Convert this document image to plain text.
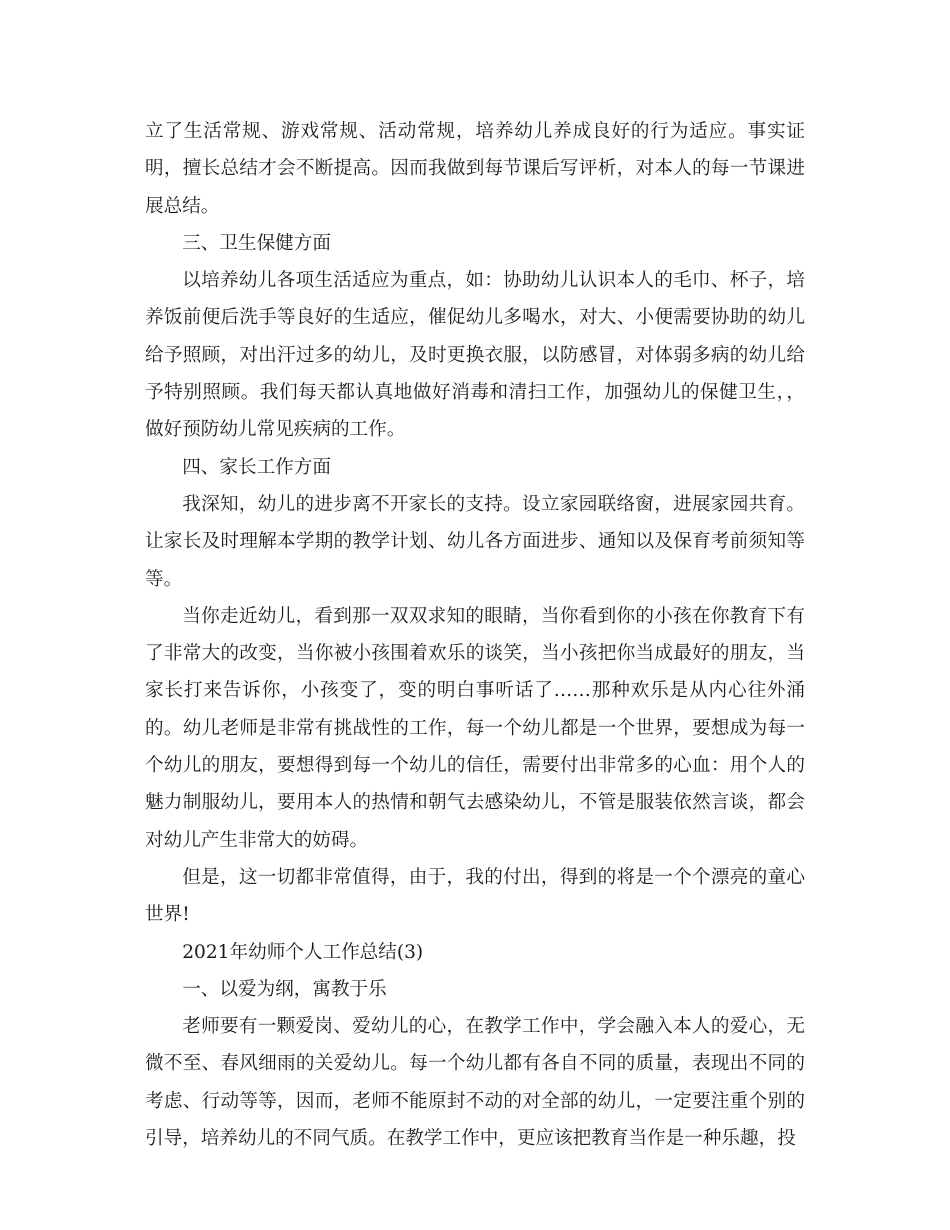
立了生活常规、游戏常规、活动常规，培养幼儿养成良好的行为适应。事实证明，擅长总结才会不断提高。因而我做到每节课后写评析，对本人的每一节课进展总结。

三、卫生保健方面

以培养幼儿各项生活适应为重点，如：协助幼儿认识本人的毛巾、杯子，培养饭前便后洗手等良好的生适应，催促幼儿多喝水，对大、小便需要协助的幼儿给予照顾，对出汗过多的幼儿，及时更换衣服，以防感冒，对体弱多病的幼儿给予特别照顾。我们每天都认真地做好消毒和清扫工作，加强幼儿的保健卫生，，做好预防幼儿常见疾病的工作。

四、家长工作方面

我深知，幼儿的进步离不开家长的支持。设立家园联络窗，进展家园共育。让家长及时理解本学期的教学计划、幼儿各方面进步、通知以及保育考前须知等等。

当你走近幼儿，看到那一双双求知的眼睛，当你看到你的小孩在你教育下有了非常大的改变，当你被小孩围着欢乐的谈笑，当小孩把你当成最好的朋友，当家长打来告诉你，小孩变了，变的明白事听话了……那种欢乐是从内心往外涌的。幼儿老师是非常有挑战性的工作，每一个幼儿都是一个世界，要想成为每一个幼儿的朋友，要想得到每一个幼儿的信任，需要付出非常多的心血：用个人的魅力制服幼儿，要用本人的热情和朝气去感染幼儿，不管是服装依然言谈，都会对幼儿产生非常大的妨碍。

但是，这一切都非常值得，由于，我的付出，得到的将是一个个漂亮的童心世界!

2021年幼师个人工作总结(3)

一、以爱为纲，寓教于乐

老师要有一颗爱岗、爱幼儿的心，在教学工作中，学会融入本人的爱心，无微不至、春风细雨的关爱幼儿。每一个幼儿都有各自不同的质量，表现出不同的考虑、行动等等，因而，老师不能原封不动的对全部的幼儿，一定要注重个别的引导，培养幼儿的不同气质。在教学工作中，更应该把教育当作是一种乐趣，投
